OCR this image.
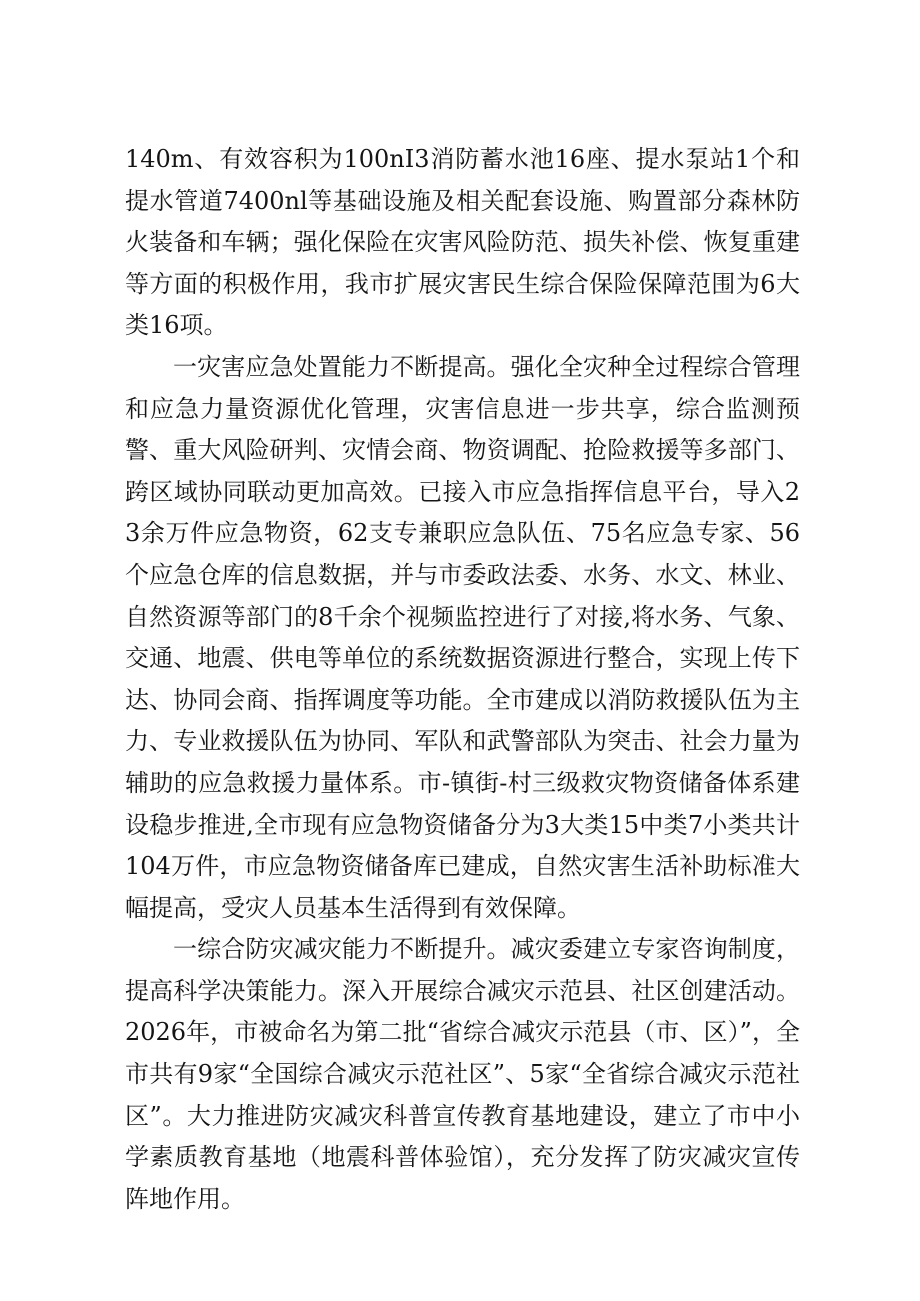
140m、有效容积为100nI3消防蓄水池16座、提水泵站1个和提水管道7400nl等基础设施及相关配套设施、购置部分森林防火装备和车辆；强化保险在灾害风险防范、损失补偿、恢复重建等方面的积极作用，我市扩展灾害民生综合保险保障范围为6大类16项。

一灾害应急处置能力不断提高。强化全灾种全过程综合管理和应急力量资源优化管理，灾害信息进一步共享，综合监测预警、重大风险研判、灾情会商、物资调配、抢险救援等多部门、跨区域协同联动更加高效。已接入市应急指挥信息平台，导入23余万件应急物资，62支专兼职应急队伍、75名应急专家、56个应急仓库的信息数据，并与市委政法委、水务、水文、林业、自然资源等部门的8千余个视频监控进行了对接,将水务、气象、交通、地震、供电等单位的系统数据资源进行整合，实现上传下达、协同会商、指挥调度等功能。全市建成以消防救援队伍为主力、专业救援队伍为协同、军队和武警部队为突击、社会力量为辅助的应急救援力量体系。市-镇街-村三级救灾物资储备体系建设稳步推进,全市现有应急物资储备分为3大类15中类7小类共计104万件，市应急物资储备库已建成，自然灾害生活补助标准大幅提高，受灾人员基本生活得到有效保障。

一综合防灾减灾能力不断提升。减灾委建立专家咨询制度，提高科学决策能力。深入开展综合减灾示范县、社区创建活动。2026年，市被命名为第二批“省综合减灾示范县（市、区）”，全市共有9家“全国综合减灾示范社区”、5家“全省综合减灾示范社区”。大力推进防灾减灾科普宣传教育基地建设，建立了市中小学素质教育基地（地震科普体验馆），充分发挥了防灾减灾宣传阵地作用。
